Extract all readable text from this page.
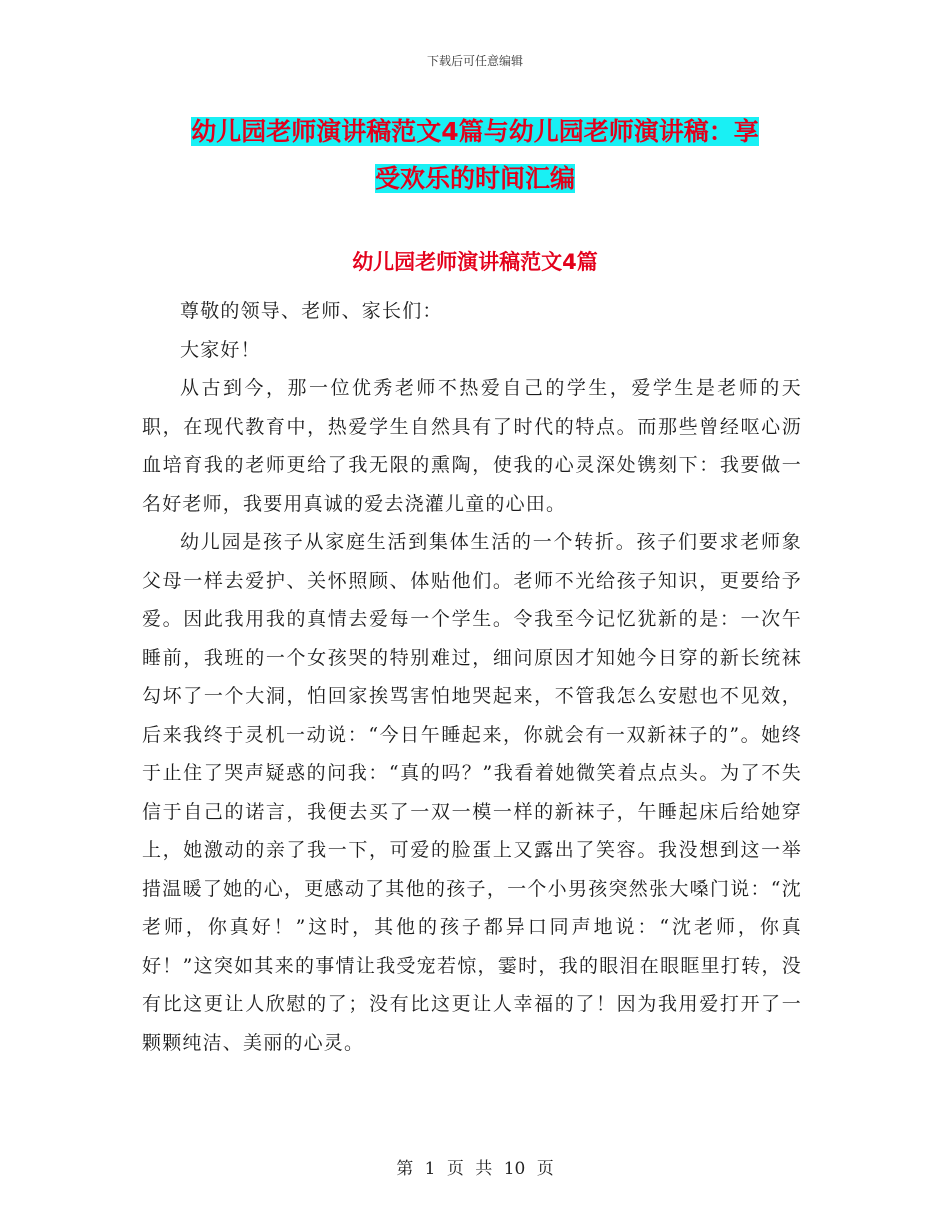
下载后可任意编辑
幼儿园老师演讲稿范文4篇与幼儿园老师演讲稿：享
受欢乐的时间汇编
幼儿园老师演讲稿范文4篇

尊敬的领导、老师、家长们：

大家好！

从古到今，那一位优秀老师不热爱自己的学生，爱学生是老师的天职，在现代教育中，热爱学生自然具有了时代的特点。而那些曾经呕心沥血培育我的老师更给了我无限的熏陶，使我的心灵深处镌刻下：我要做一名好老师，我要用真诚的爱去浇灌儿童的心田。

幼儿园是孩子从家庭生活到集体生活的一个转折。孩子们要求老师象父母一样去爱护、关怀照顾、体贴他们。老师不光给孩子知识，更要给予爱。因此我用我的真情去爱每一个学生。令我至今记忆犹新的是：一次午睡前，我班的一个女孩哭的特别难过，细问原因才知她今日穿的新长统袜勾坏了一个大洞，怕回家挨骂害怕地哭起来，不管我怎么安慰也不见效，后来我终于灵机一动说：“今日午睡起来，你就会有一双新袜子的”。她终于止住了哭声疑惑的问我：“真的吗？”我看着她微笑着点点头。为了不失信于自己的诺言，我便去买了一双一模一样的新袜子，午睡起床后给她穿上，她激动的亲了我一下，可爱的脸蛋上又露出了笑容。我没想到这一举措温暖了她的心，更感动了其他的孩子，一个小男孩突然张大嗓门说：“沈老师，你真好！”这时，其他的孩子都异口同声地说：“沈老师，你真好！”这突如其来的事情让我受宠若惊，霎时，我的眼泪在眼眶里打转，没有比这更让人欣慰的了；没有比这更让人幸福的了！因为我用爱打开了一颗颗纯洁、美丽的心灵。

第 1 页 共 10 页
